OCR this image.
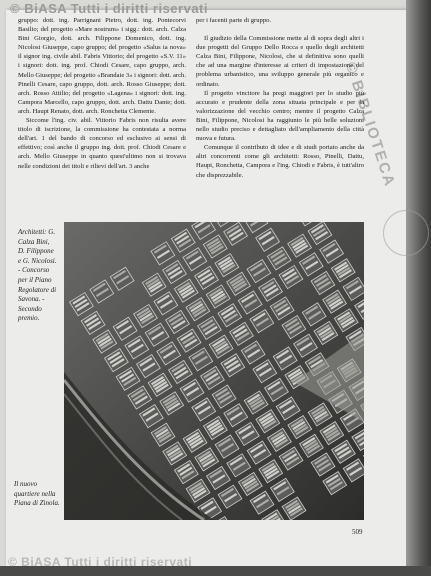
© BiASA Tutti i diritti riservati
© BIBLIOTECA

gruppo: dott. ing. Parrignani Pietro, dott. ing. Pontecorvi Basilio; del progetto «Mare nostrum» i sigg.: dott. arch. Calza Bini Giorgio, dott. arch. Filippone Domenico, dott. ing. Nicolosi Giuseppe, capo gruppo; del progetto «Salus ia nova» il signor ing. civile abil. Fabris Vittorio; del progetto «S.V. 11» i signori: dott. ing. prof. Chiodi Cesare, capo gruppo, arch. Mello Giuseppe; del progetto «Brandaie 3» i signori: dott. arch. Pinelli Cesare, capo gruppo, dott. arch. Rosso Giuseppe; dott. arch. Rosso Attilio; del progetto «Lagena» i signori: dott. ing. Campora Marcello, capo gruppo, dott. arch. Dattu Dante; dott. arch. Haupt Renato, dott. arch. Ronchetta Clemente.

Siccome l'ing. civ. abil. Vittorio Fabris non risulta avere titolo di iscrizione, la commissione ha contestata a norma dell'art. 1 del bando di concorso ed esclusivo ai sensi di effettivo; così anche il gruppo ing. dott. prof. Chiodi Cesare e arch. Mello Giuseppe in quanto quest'ultimo non si trovava nelle condizioni dei titoli e rilievi dell'art. 3 anche

per i facenti parte di gruppo.

Il giudizio della Commissione mette al di sopra degli altri i due progetti del Gruppo Dello Rocca e quello degli architetti Calza Bini, Filippone, Nicolosi, che si definitiva sono quelli che ad una margine d'interesse ai criteri di impostazione del problema urbanistico, una sviluppo generale più organico e ordinato.

Il progetto vincitore ha pregi maggiori per lo studio più accurato e prudente della zona situata principale e per la valorizzazione del vecchio centro; mentre il progetto Calza Bini, Filippone, Nicolosi ha raggiunto le più belle soluzioni nello studio preciso e dettagliato dell'ampliamento della città nuova e futura.

Comunque il contributo di idee e di studi portato anche da altri concorrenti come gli architetti: Rosso, Pinelli, Dattu, Haupt, Ronchetta, Campora e l'ing. Chiodi e Fabris, è tutt'altro che disprezzabile.

Architetti: G. Calza Bini, D. Filippone e G. Nicolosi. - Concorso per il Piano Regolatore di Savona. - Secondo premio.
Il nuovo quartiere nella Piana di Zinola.
509
© BiASA Tutti i diritti riservati
